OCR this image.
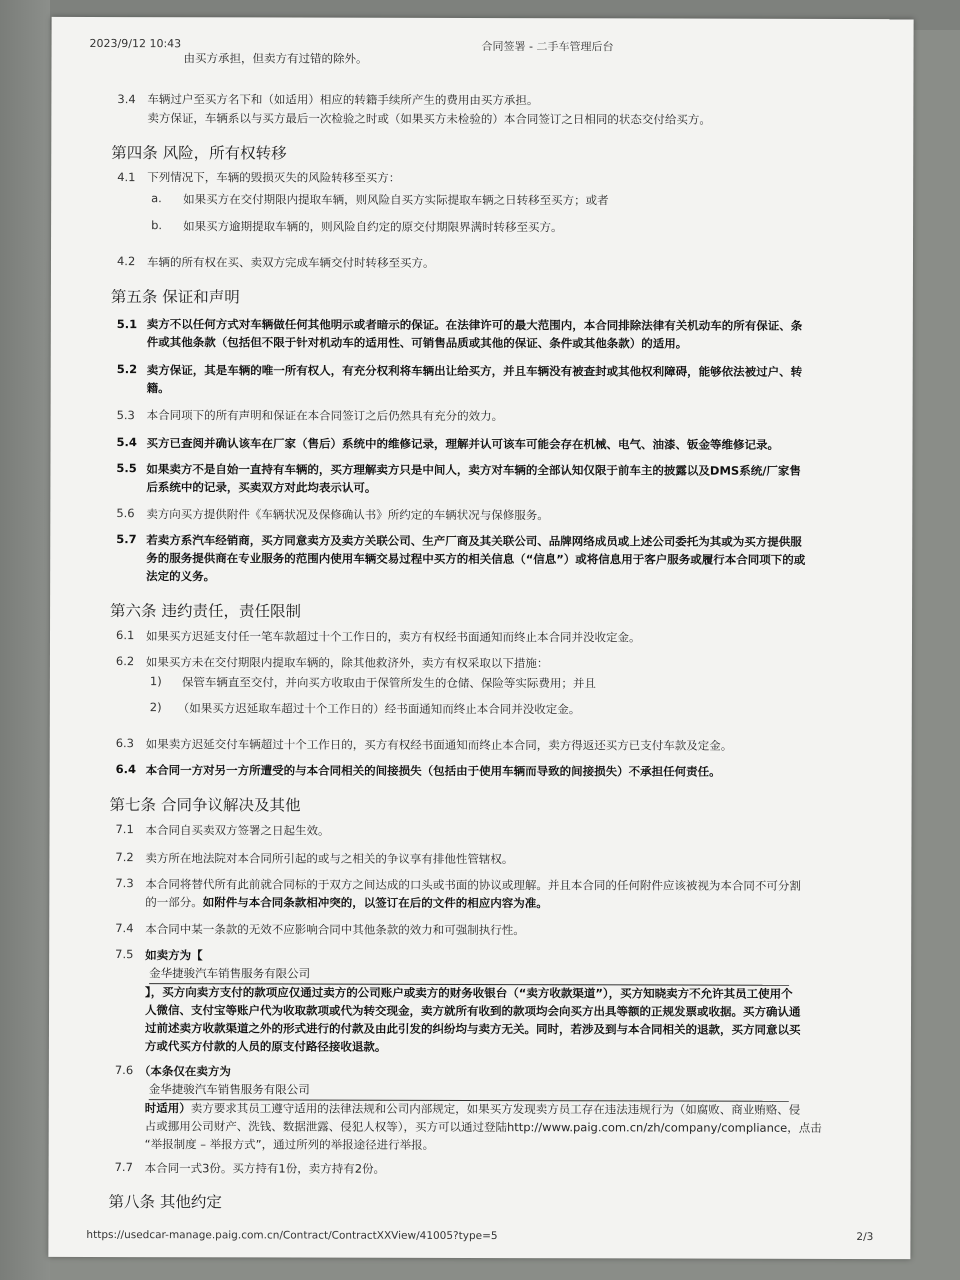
2023/9/12 10:43	合同签署 - 二手车管理后台
由买方承担，但卖方有过错的除外。
3.4 车辆过户至买方名下和（如适用）相应的转籍手续所产生的费用由买方承担。
卖方保证，车辆系以与买方最后一次检验之时或（如果买方未检验的）本合同签订之日相同的状态交付给买方。
第四条 风险，所有权转移
4.1 下列情况下，车辆的毁损灭失的风险转移至买方：
a. 如果买方在交付期限内提取车辆，则风险自买方实际提取车辆之日转移至买方；或者
b. 如果买方逾期提取车辆的，则风险自约定的原交付期限界满时转移至买方。
4.2 车辆的所有权在买、卖双方完成车辆交付时转移至买方。
第五条 保证和声明
5.1 卖方不以任何方式对车辆做任何其他明示或者暗示的保证。在法律许可的最大范围内，本合同排除法律有关机动车的所有保证、条
件或其他条款（包括但不限于针对机动车的适用性、可销售品质或其他的保证、条件或其他条款）的适用。
5.2 卖方保证，其是车辆的唯一所有权人，有充分权利将车辆出让给买方，并且车辆没有被查封或其他权利障碍，能够依法被过户、转
籍。
5.3 本合同项下的所有声明和保证在本合同签订之后仍然具有充分的效力。
5.4 买方已查阅并确认该车在厂家（售后）系统中的维修记录，理解并认可该车可能会存在机械、电气、油漆、钣金等维修记录。
5.5 如果卖方不是自始一直持有车辆的，买方理解卖方只是中间人，卖方对车辆的全部认知仅限于前车主的披露以及DMS系统/厂家售
后系统中的记录，买卖双方对此均表示认可。
5.6 卖方向买方提供附件《车辆状况及保修确认书》所约定的车辆状况与保修服务。
5.7 若卖方系汽车经销商，买方同意卖方及卖方关联公司、生产厂商及其关联公司、品牌网络成员或上述公司委托为其或为买方提供服
务的服务提供商在专业服务的范围内使用车辆交易过程中买方的相关信息（“信息”）或将信息用于客户服务或履行本合同项下的或
法定的义务。
第六条 违约责任，责任限制
6.1 如果买方迟延支付任一笔车款超过十个工作日的，卖方有权经书面通知而终止本合同并没收定金。
6.2 如果买方未在交付期限内提取车辆的，除其他救济外，卖方有权采取以下措施：
1) 保管车辆直至交付，并向买方收取由于保管所发生的仓储、保险等实际费用；并且
2) （如果买方迟延取车超过十个工作日的）经书面通知而终止本合同并没收定金。
6.3 如果卖方迟延交付车辆超过十个工作日的，买方有权经书面通知而终止本合同，卖方得返还买方已支付车款及定金。
6.4 本合同一方对另一方所遭受的与本合同相关的间接损失（包括由于使用车辆而导致的间接损失）不承担任何责任。
第七条 合同争议解决及其他
7.1 本合同自买卖双方签署之日起生效。
7.2 卖方所在地法院对本合同所引起的或与之相关的争议享有排他性管辖权。
7.3 本合同将替代所有此前就合同标的于双方之间达成的口头或书面的协议或理解。并且本合同的任何附件应该被视为本合同不可分割
的一部分。如附件与本合同条款相冲突的，以签订在后的文件的相应内容为准。
7.4 本合同中某一条款的无效不应影响合同中其他条款的效力和可强制执行性。
7.5 如卖方为【
金华捷骏汽车销售服务有限公司
】，买方向卖方支付的款项应仅通过卖方的公司账户或卖方的财务收银台（“卖方收款渠道”），买方知晓卖方不允许其员工使用个
人微信、支付宝等账户代为收取款项或代为转交现金，卖方就所有收到的款项均会向买方出具等额的正规发票或收据。买方确认通
过前述卖方收款渠道之外的形式进行的付款及由此引发的纠纷均与卖方无关。同时，若涉及到与本合同相关的退款，买方同意以买
方或代买方付款的人员的原支付路径接收退款。
7.6 （本条仅在卖方为
金华捷骏汽车销售服务有限公司
时适用）卖方要求其员工遵守适用的法律法规和公司内部规定，如果买方发现卖方员工存在违法违规行为（如腐败、商业贿赂、侵
占或挪用公司财产、洗钱、数据泄露、侵犯人权等），买方可以通过登陆http://www.paig.com.cn/zh/company/compliance，点击
“举报制度 – 举报方式”，通过所列的举报途径进行举报。
7.7 本合同一式3份。买方持有1份，卖方持有2份。
第八条 其他约定
https://usedcar-manage.paig.com.cn/Contract/ContractXXView/41005?type=5	2/3
